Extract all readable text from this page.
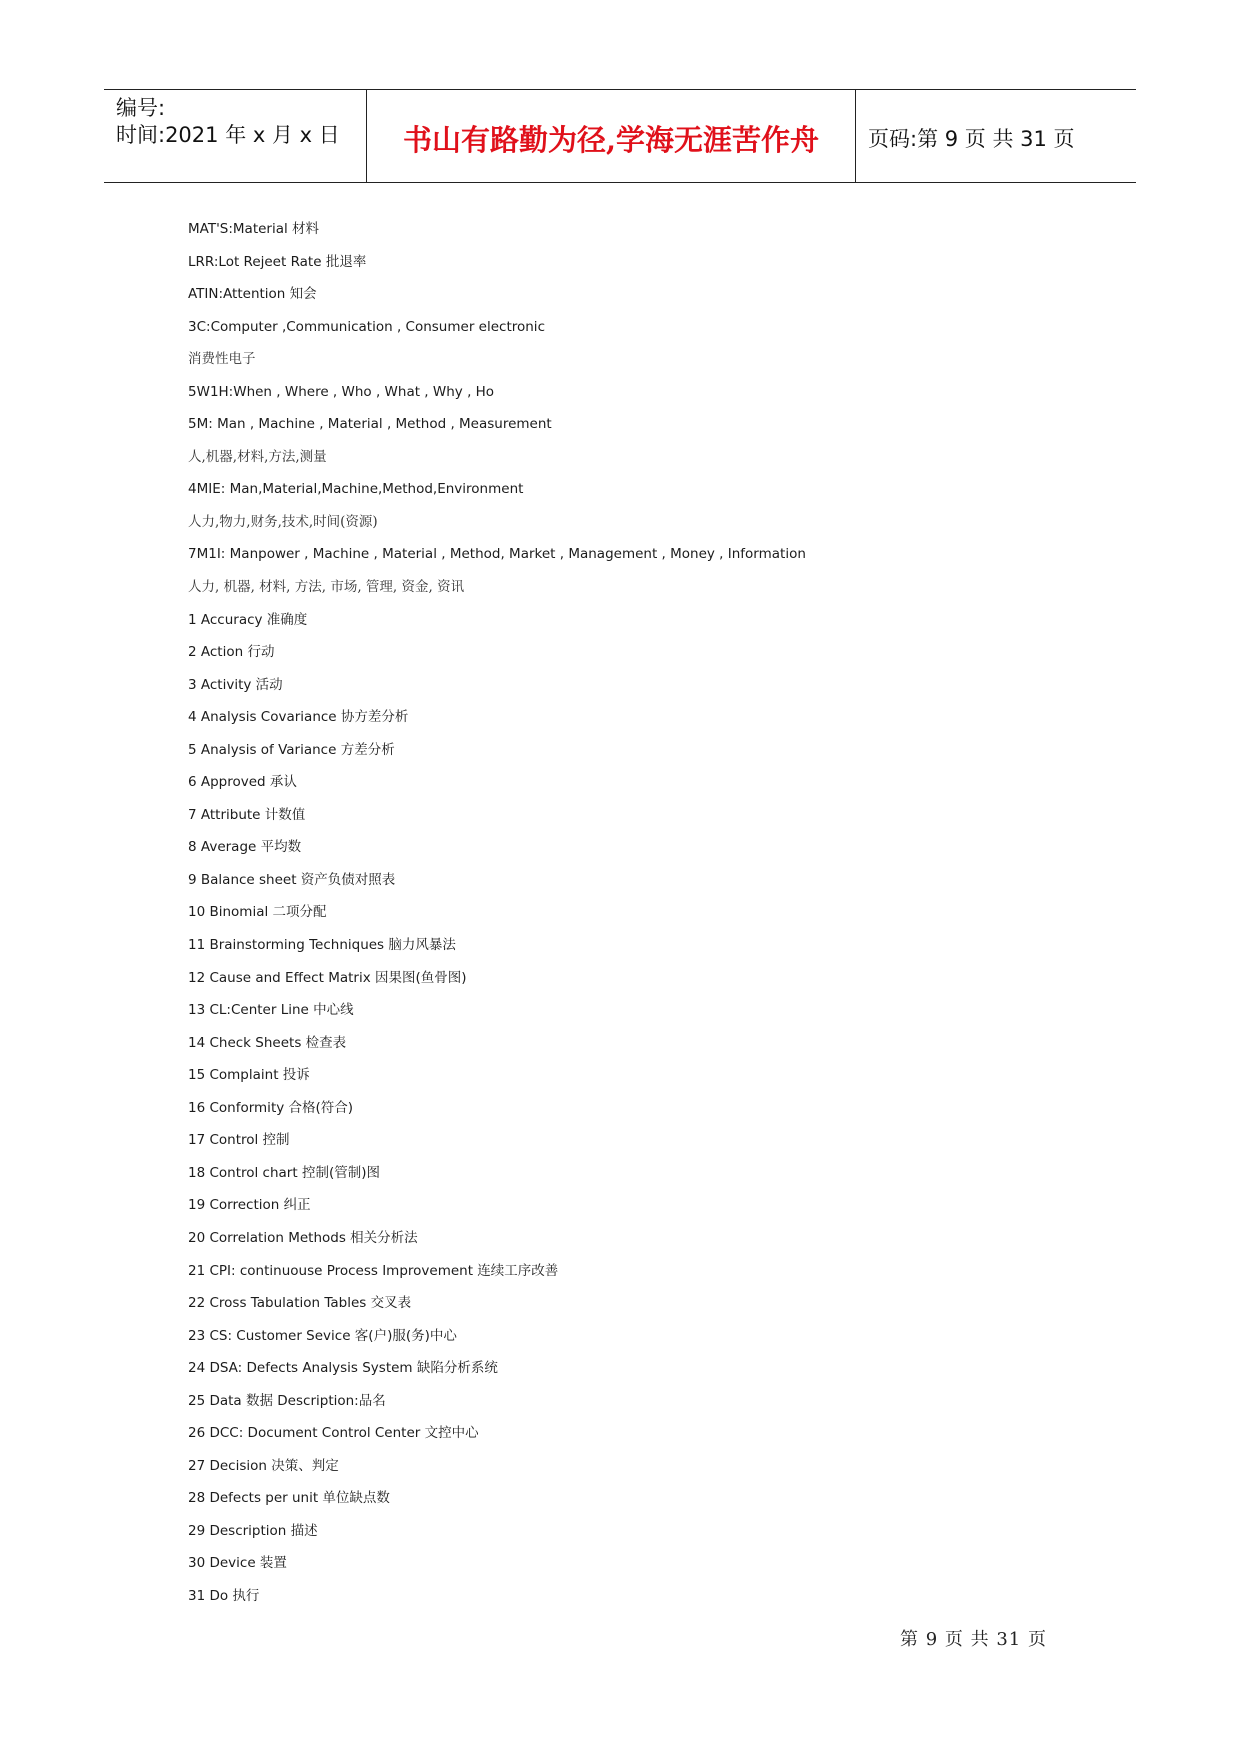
编号:
时间:2021 年 x 月 x 日	书山有路勤为径,学海无涯苦作舟	页码:第 9 页 共 31 页
MAT'S:Material 材料
LRR:Lot Rejeet Rate 批退率
ATIN:Attention 知会
3C:Computer ,Communication , Consumer electronic
消费性电子
5W1H:When , Where , Who , What , Why , Ho
5M: Man , Machine , Material , Method , Measurement
人,机器,材料,方法,测量
4MIE: Man,Material,Machine,Method,Environment
人力,物力,财务,技术,时间(资源)
7M1I: Manpower , Machine , Material , Method, Market , Management , Money , Information
人力, 机器, 材料, 方法, 市场, 管理, 资金, 资讯
1 Accuracy 准确度
2 Action 行动
3 Activity 活动
4 Analysis Covariance 协方差分析
5 Analysis of Variance 方差分析
6 Approved 承认
7 Attribute 计数值
8 Average 平均数
9 Balance sheet 资产负债对照表
10 Binomial 二项分配
11 Brainstorming Techniques 脑力风暴法
12 Cause and Effect Matrix 因果图(鱼骨图)
13 CL:Center Line 中心线
14 Check Sheets 检查表
15 Complaint 投诉
16 Conformity 合格(符合)
17 Control 控制
18 Control chart 控制(管制)图
19 Correction 纠正
20 Correlation Methods 相关分析法
21 CPI: continuouse Process Improvement 连续工序改善
22 Cross Tabulation Tables 交叉表
23 CS: Customer Sevice 客(户)服(务)中心
24 DSA: Defects Analysis System 缺陷分析系统
25 Data 数据 Description:品名
26 DCC: Document Control Center 文控中心
27 Decision 决策、判定
28 Defects per unit 单位缺点数
29 Description 描述
30 Device 装置
31 Do 执行
第 9 页 共 31 页
